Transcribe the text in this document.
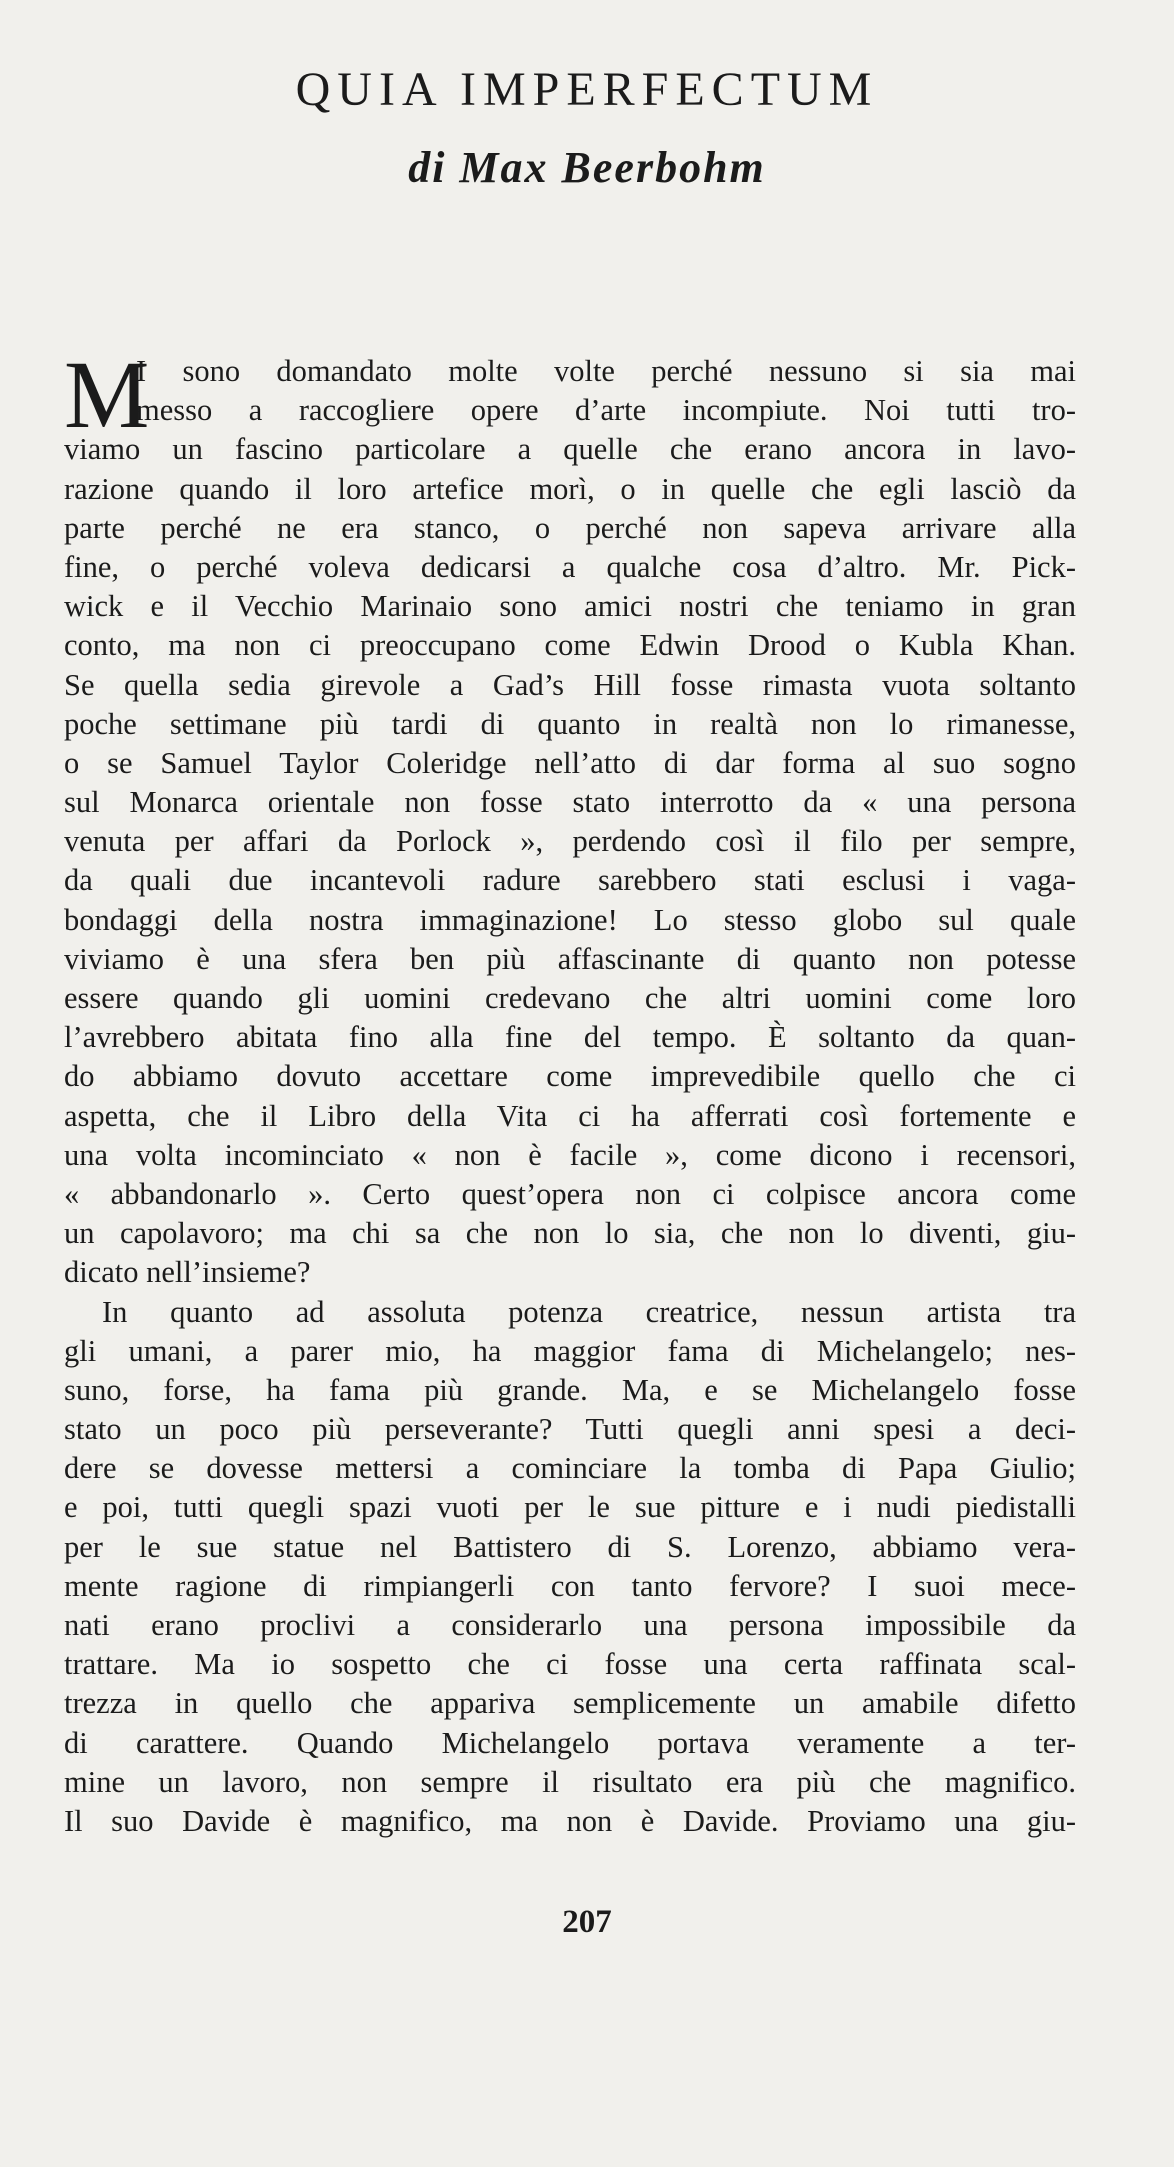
QUIA IMPERFECTUM
di Max Beerbohm
M
I sono domandato molte volte perché nessuno si sia mai
messo a raccogliere opere d’arte incompiute. Noi tutti tro-
viamo un fascino particolare a quelle che erano ancora in lavo-
razione quando il loro artefice morì, o in quelle che egli lasciò da
parte perché ne era stanco, o perché non sapeva arrivare alla
fine, o perché voleva dedicarsi a qualche cosa d’altro. Mr. Pick-
wick e il Vecchio Marinaio sono amici nostri che teniamo in gran
conto, ma non ci preoccupano come Edwin Drood o Kubla Khan.
Se quella sedia girevole a Gad’s Hill fosse rimasta vuota soltanto
poche settimane più tardi di quanto in realtà non lo rimanesse,
o se Samuel Taylor Coleridge nell’atto di dar forma al suo sogno
sul Monarca orientale non fosse stato interrotto da « una persona
venuta per affari da Porlock », perdendo così il filo per sempre,
da quali due incantevoli radure sarebbero stati esclusi i vaga-
bondaggi della nostra immaginazione! Lo stesso globo sul quale
viviamo è una sfera ben più affascinante di quanto non potesse
essere quando gli uomini credevano che altri uomini come loro
l’avrebbero abitata fino alla fine del tempo. È soltanto da quan-
do abbiamo dovuto accettare come imprevedibile quello che ci
aspetta, che il Libro della Vita ci ha afferrati così fortemente e
una volta incominciato « non è facile », come dicono i recensori,
« abbandonarlo ». Certo quest’opera non ci colpisce ancora come
un capolavoro; ma chi sa che non lo sia, che non lo diventi, giu-
dicato nell’insieme?
In quanto ad assoluta potenza creatrice, nessun artista tra
gli umani, a parer mio, ha maggior fama di Michelangelo; nes-
suno, forse, ha fama più grande. Ma, e se Michelangelo fosse
stato un poco più perseverante? Tutti quegli anni spesi a deci-
dere se dovesse mettersi a cominciare la tomba di Papa Giulio;
e poi, tutti quegli spazi vuoti per le sue pitture e i nudi piedistalli
per le sue statue nel Battistero di S. Lorenzo, abbiamo vera-
mente ragione di rimpiangerli con tanto fervore? I suoi mece-
nati erano proclivi a considerarlo una persona impossibile da
trattare. Ma io sospetto che ci fosse una certa raffinata scal-
trezza in quello che appariva semplicemente un amabile difetto
di carattere. Quando Michelangelo portava veramente a ter-
mine un lavoro, non sempre il risultato era più che magnifico.
Il suo Davide è magnifico, ma non è Davide. Proviamo una giu-
207
